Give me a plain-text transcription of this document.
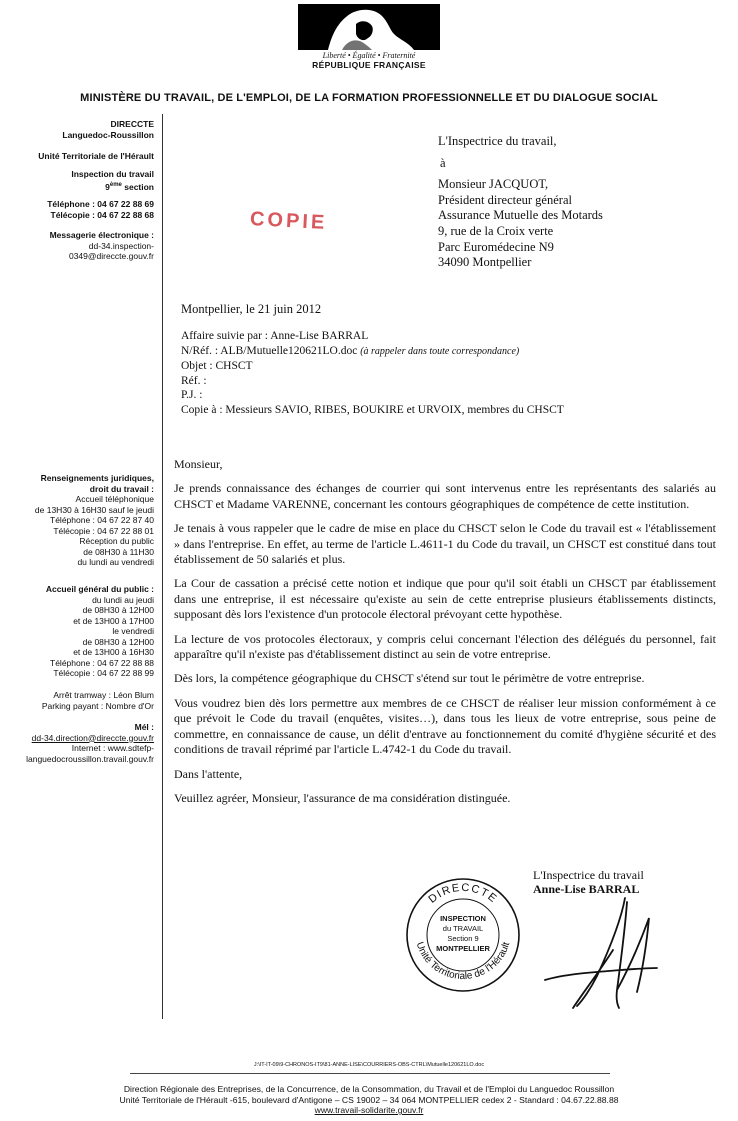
Liberté • Égalité • Fraternité
RÉPUBLIQUE FRANÇAISE
MINISTÈRE DU TRAVAIL, DE L'EMPLOI, DE LA FORMATION PROFESSIONNELLE ET DU DIALOGUE SOCIAL
DIRECCTE
Languedoc-Roussillon
Unité Territoriale de l'Hérault
Inspection du travail
9ème section
Téléphone : 04 67 22 88 69
Télécopie : 04 67 22 88 68
Messagerie électronique :
dd-34.inspection-
0349@direccte.gouv.fr
Renseignements juridiques,
droit du travail :
Accueil téléphonique
de 13H30 à 16H30 sauf le jeudi
Téléphone : 04 67 22 87 40
Télécopie : 04 67 22 88 01
Réception du public
de 08H30 à 11H30
du lundi au vendredi
Accueil général du public :
du lundi au jeudi
de 08H30 à 12H00
et de 13H00 à 17H00
le vendredi
de 08H30 à 12H00
et de 13H00 à 16H30
Téléphone : 04 67 22 88 88
Télécopie : 04 67 22 88 99
Arrêt tramway : Léon Blum
Parking payant : Nombre d'Or
Mél :
dd-34.direction@direccte.gouv.fr
Internet : www.sdtefp-
languedocroussillon.travail.gouv.fr
L'Inspectrice du travail,
à
Monsieur JACQUOT,
Président directeur général
Assurance Mutuelle des Motards
9, rue de la Croix verte
Parc Euromédecine N9
34090 Montpellier
COPIE
Montpellier, le 21 juin 2012
Affaire suivie par : Anne-Lise BARRAL
N/Réf. : ALB/Mutuelle120621LO.doc (à rappeler dans toute correspondance)
Objet : CHSCT
Réf. :
P.J. :
Copie à : Messieurs SAVIO, RIBES, BOUKIRE et URVOIX, membres du CHSCT

Monsieur,

Je prends connaissance des échanges de courrier qui sont intervenus entre les représentants des salariés au CHSCT et Madame VARENNE, concernant les contours géographiques de compétence de cette institution.

Je tenais à vous rappeler que le cadre de mise en place du CHSCT selon le Code du travail est « l'établissement » dans l'entreprise. En effet, au terme de l'article L.4611-1 du Code du travail, un CHSCT est constitué dans tout établissement de 50 salariés et plus.

La Cour de cassation a précisé cette notion et indique que pour qu'il soit établi un CHSCT par établissement dans une entreprise, il est nécessaire qu'existe au sein de cette entreprise plusieurs établissements distincts, supposant dès lors l'existence d'un protocole électoral prévoyant cette hypothèse.

La lecture de vos protocoles électoraux, y compris celui concernant l'élection des délégués du personnel, fait apparaître qu'il n'existe pas d'établissement distinct au sein de votre entreprise.

Dès lors, la compétence géographique du CHSCT s'étend sur tout le périmètre de votre entreprise.

Vous voudrez bien dès lors permettre aux membres de ce CHSCT de réaliser leur mission conformément à ce que prévoit le Code du travail (enquêtes, visites…), dans tous les lieux de votre entreprise, sous peine de commettre, en connaissance de cause, un délit d'entrave au fonctionnement du comité d'hygiène sécurité et des conditions de travail réprimé par l'article L.4742-1 du Code du travail.

Dans l'attente,

Veuillez agréer, Monsieur, l'assurance de ma considération distinguée.

DIRECCTE
Unité Territoriale de l'Hérault
INSPECTION
du TRAVAIL
Section 9
MONTPELLIER
L'Inspectrice du travail
Anne-Lise BARRAL
J:\IT-IT-09\9-CHRONOS-IT9\81-ANNE-LISE\COURRIERS-OBS-CTRL\Mutuelle120621LO.doc
Direction Régionale des Entreprises, de la Concurrence, de la Consommation, du Travail et de l'Emploi du Languedoc Roussillon
Unité Territoriale de l'Hérault -615, boulevard d'Antigone – CS 19002 – 34 064 MONTPELLIER cedex 2 - Standard : 04.67.22.88.88
www.travail-solidarite.gouv.fr
